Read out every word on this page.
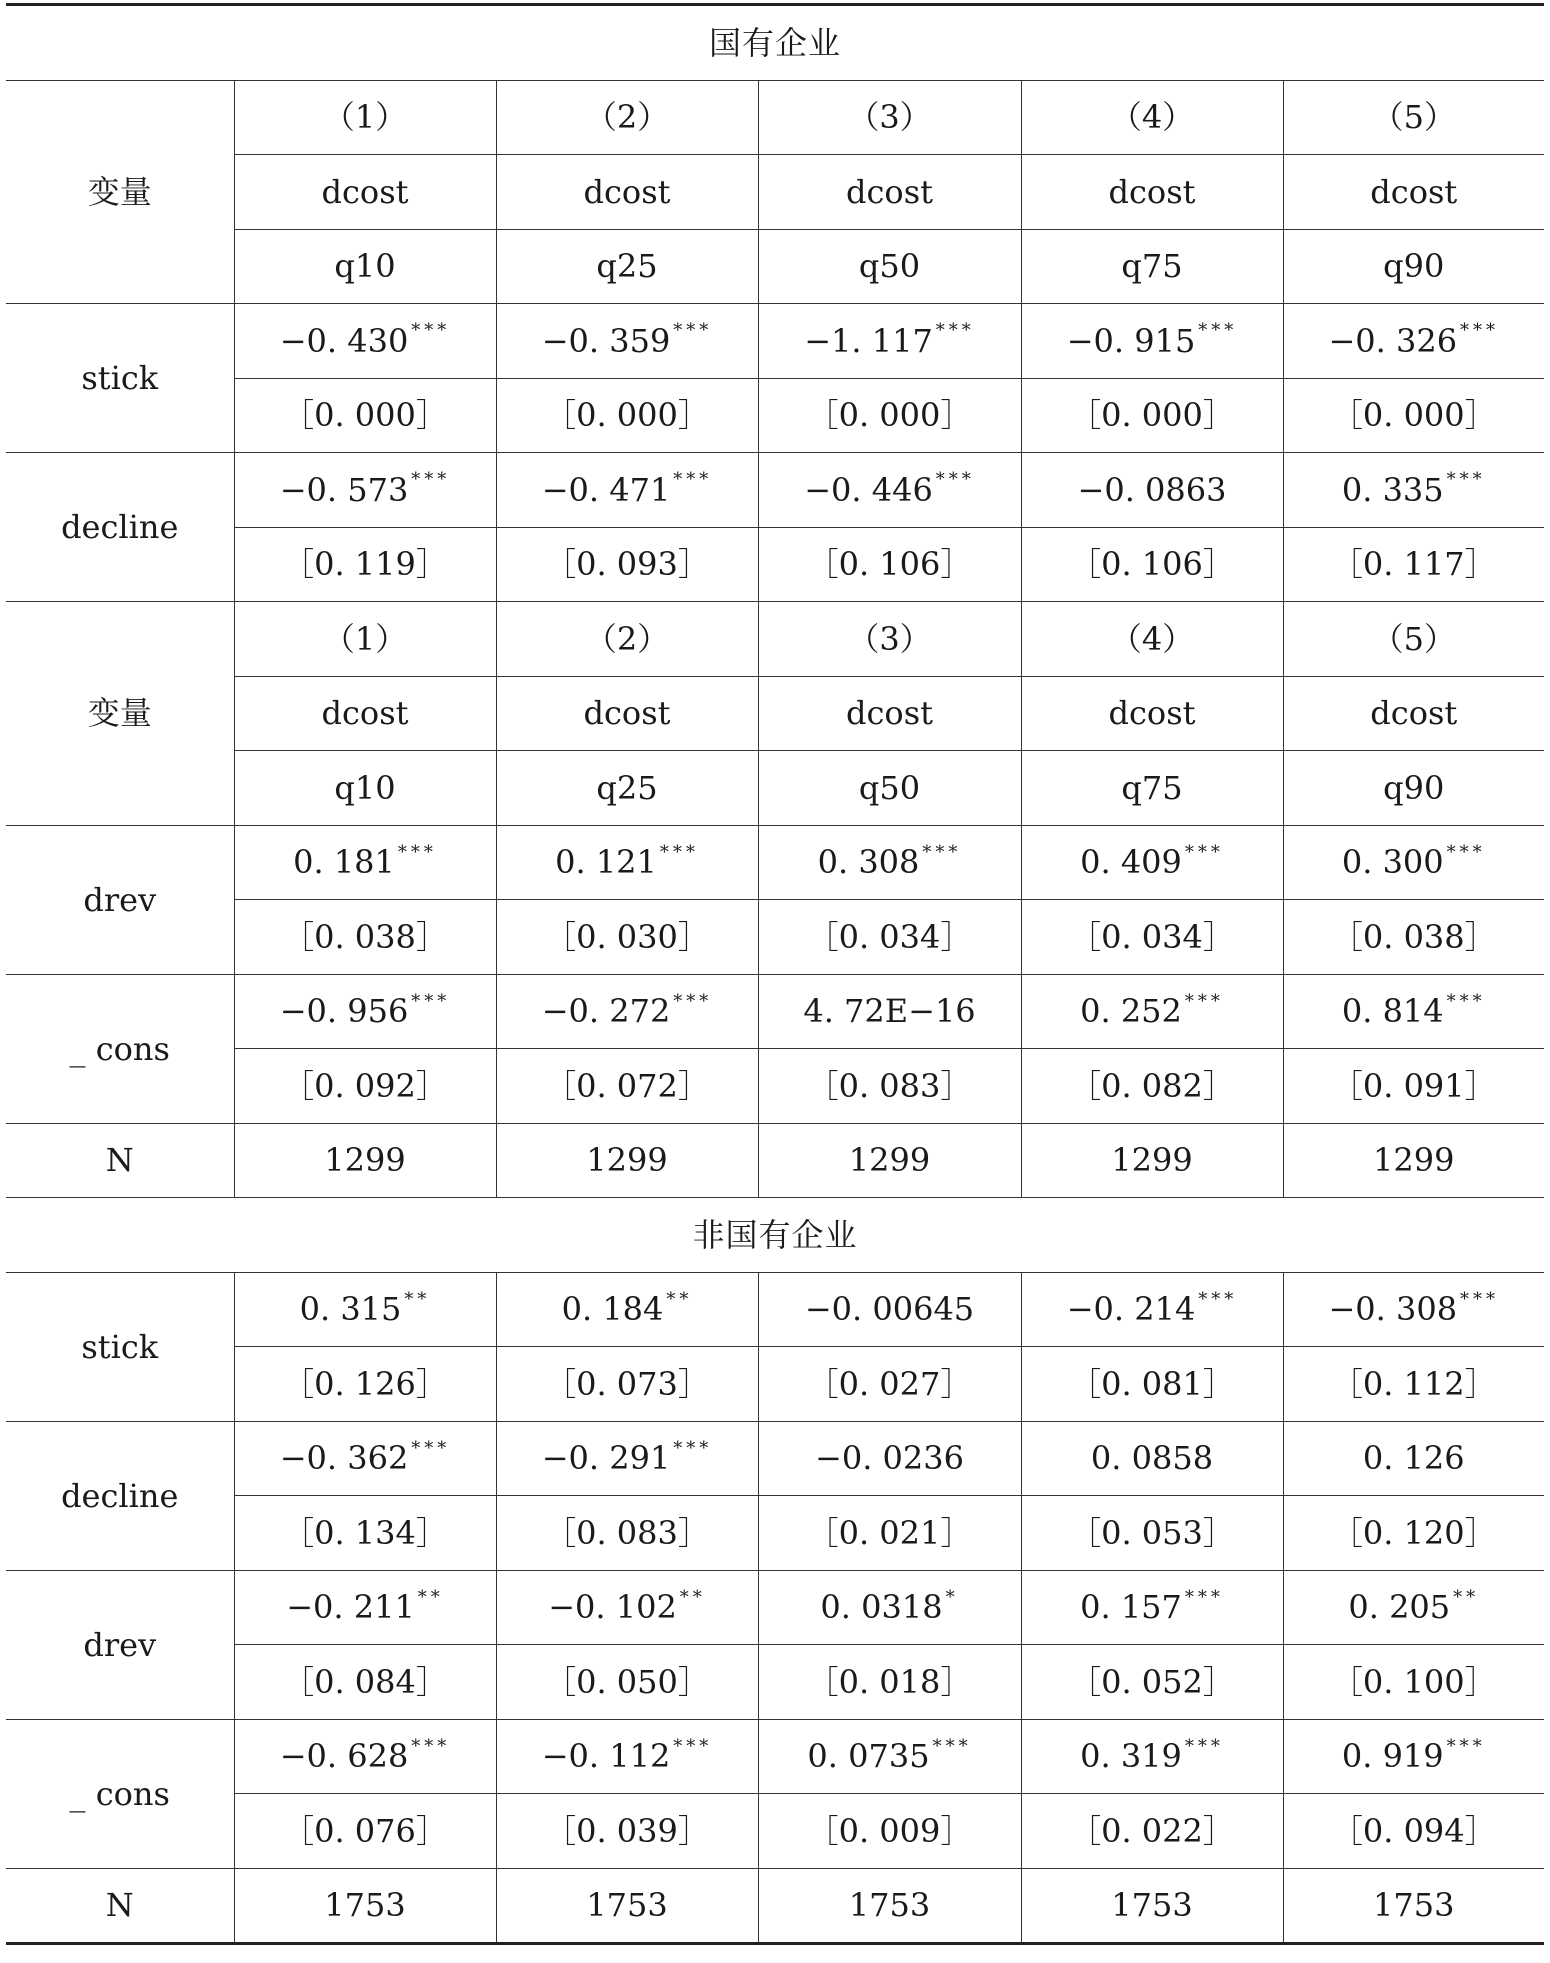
国有企业					
变量	（1）	（2）	（3）	（4）	（5）
	dcost	dcost	dcost	dcost	dcost
	q10	q25	q50	q75	q90
stick	−0. 430 ***	−0. 359 ***	−1. 117 ***	−0. 915 ***	−0. 326 ***
	［0. 000］	［0. 000］	［0. 000］	［0. 000］	［0. 000］
decline	−0. 573 ***	−0. 471 ***	−0. 446 ***	−0. 0863	0. 335 ***
	［0. 119］	［0. 093］	［0. 106］	［0. 106］	［0. 117］
变量	（1）	（2）	（3）	（4）	（5）
	dcost	dcost	dcost	dcost	dcost
	q10	q25	q50	q75	q90
drev	0. 181 ***	0. 121 ***	0. 308 ***	0. 409 ***	0. 300 ***
	［0. 038］	［0. 030］	［0. 034］	［0. 034］	［0. 038］
_ cons	−0. 956 ***	−0. 272 ***	4. 72E−16	0. 252 ***	0. 814 ***
	［0. 092］	［0. 072］	［0. 083］	［0. 082］	［0. 091］
N	1299	1299	1299	1299	1299
非国有企业					
stick	0. 315 **	0. 184 **	−0. 00645	−0. 214 ***	−0. 308 ***
	［0. 126］	［0. 073］	［0. 027］	［0. 081］	［0. 112］
decline	−0. 362 ***	−0. 291 ***	−0. 0236	0. 0858	0. 126
	［0. 134］	［0. 083］	［0. 021］	［0. 053］	［0. 120］
drev	−0. 211 **	−0. 102 **	0. 0318 *	0. 157 ***	0. 205 **
	［0. 084］	［0. 050］	［0. 018］	［0. 052］	［0. 100］
_ cons	−0. 628 ***	−0. 112 ***	0. 0735 ***	0. 319 ***	0. 919 ***
	［0. 076］	［0. 039］	［0. 009］	［0. 022］	［0. 094］
N	1753	1753	1753	1753	1753
